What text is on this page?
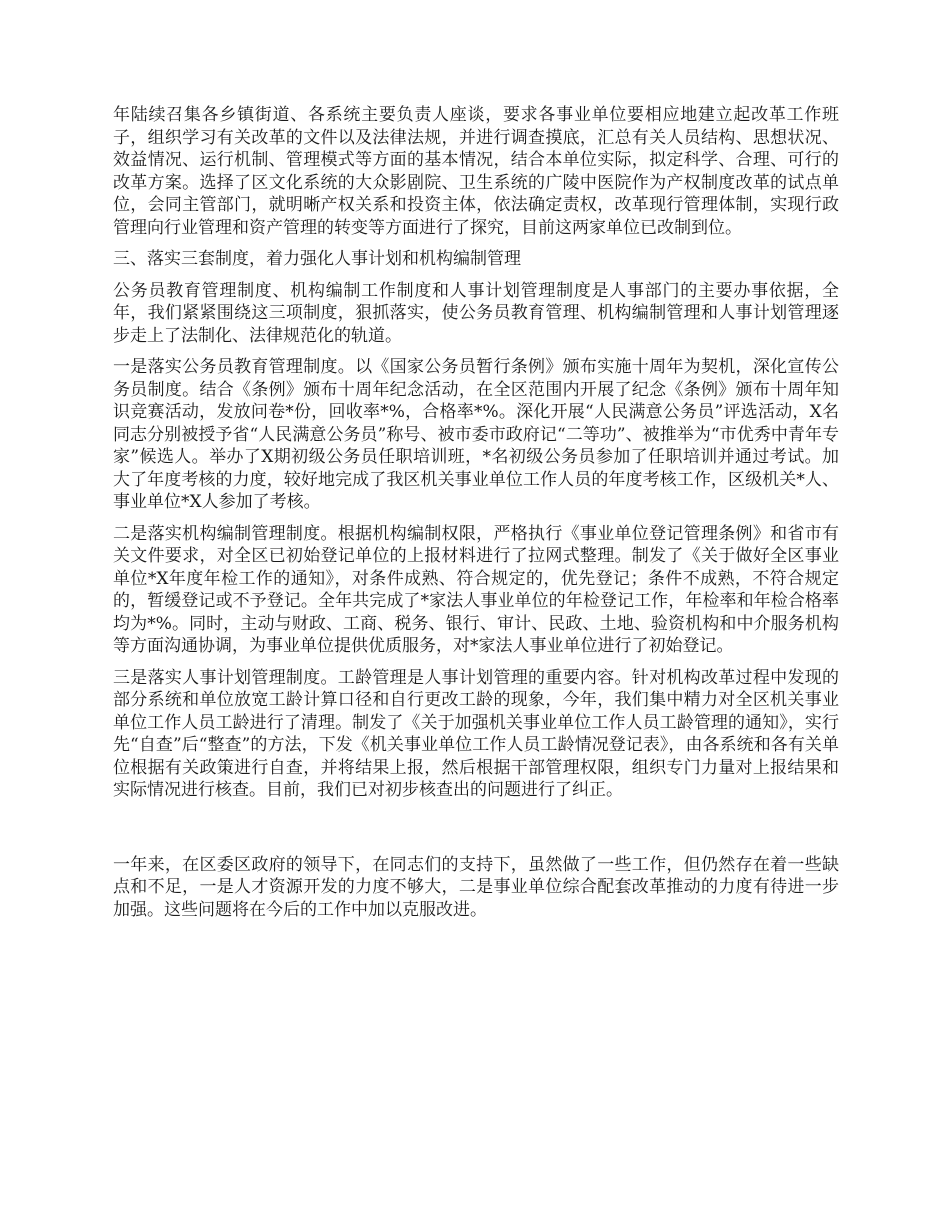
年陆续召集各乡镇街道、各系统主要负责人座谈，要求各事业单位要相应地建立起改革工作班子，组织学习有关改革的文件以及法律法规，并进行调查摸底，汇总有关人员结构、思想状况、效益情况、运行机制、管理模式等方面的基本情况，结合本单位实际，拟定科学、合理、可行的改革方案。选择了区文化系统的大众影剧院、卫生系统的广陵中医院作为产权制度改革的试点单位，会同主管部门，就明晰产权关系和投资主体，依法确定责权，改革现行管理体制，实现行政管理向行业管理和资产管理的转变等方面进行了探究，目前这两家单位已改制到位。

三、落实三套制度，着力强化人事计划和机构编制管理

公务员教育管理制度、机构编制工作制度和人事计划管理制度是人事部门的主要办事依据，全年，我们紧紧围绕这三项制度，狠抓落实，使公务员教育管理、机构编制管理和人事计划管理逐步走上了法制化、法律规范化的轨道。

一是落实公务员教育管理制度。以《国家公务员暂行条例》颁布实施十周年为契机，深化宣传公务员制度。结合《条例》颁布十周年纪念活动，在全区范围内开展了纪念《条例》颁布十周年知识竞赛活动，发放问卷*份，回收率*%，合格率*%。深化开展“人民满意公务员”评选活动，X名同志分别被授予省“人民满意公务员”称号、被市委市政府记“二等功”、被推举为“市优秀中青年专家”候选人。举办了X期初级公务员任职培训班，*名初级公务员参加了任职培训并通过考试。加大了年度考核的力度，较好地完成了我区机关事业单位工作人员的年度考核工作，区级机关*人、事业单位*X人参加了考核。

二是落实机构编制管理制度。根据机构编制权限，严格执行《事业单位登记管理条例》和省市有关文件要求，对全区已初始登记单位的上报材料进行了拉网式整理。制发了《关于做好全区事业单位*X年度年检工作的通知》，对条件成熟、符合规定的，优先登记；条件不成熟，不符合规定的，暂缓登记或不予登记。全年共完成了*家法人事业单位的年检登记工作，年检率和年检合格率均为*%。同时，主动与财政、工商、税务、银行、审计、民政、土地、验资机构和中介服务机构等方面沟通协调，为事业单位提供优质服务，对*家法人事业单位进行了初始登记。

三是落实人事计划管理制度。工龄管理是人事计划管理的重要内容。针对机构改革过程中发现的部分系统和单位放宽工龄计算口径和自行更改工龄的现象，今年，我们集中精力对全区机关事业单位工作人员工龄进行了清理。制发了《关于加强机关事业单位工作人员工龄管理的通知》，实行先“自查”后“整查”的方法，下发《机关事业单位工作人员工龄情况登记表》，由各系统和各有关单位根据有关政策进行自查，并将结果上报，然后根据干部管理权限，组织专门力量对上报结果和实际情况进行核查。目前，我们已对初步核查出的问题进行了纠正。

一年来，在区委区政府的领导下，在同志们的支持下，虽然做了一些工作，但仍然存在着一些缺点和不足，一是人才资源开发的力度不够大，二是事业单位综合配套改革推动的力度有待进一步加强。这些问题将在今后的工作中加以克服改进。
